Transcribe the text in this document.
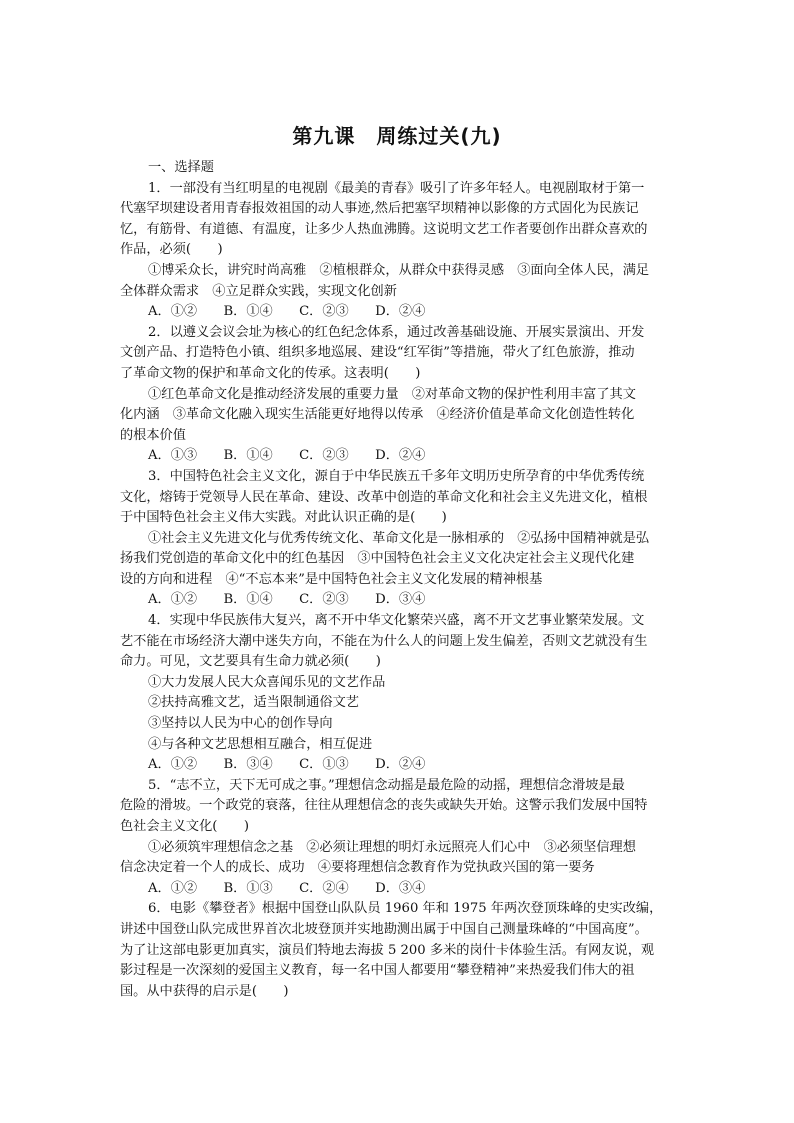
第九课　周练过关(九)
一、选择题
1．一部没有当红明星的电视剧《最美的青春》吸引了许多年轻人。电视剧取材于第一
代塞罕坝建设者用青春报效祖国的动人事迹,然后把塞罕坝精神以影像的方式固化为民族记
忆，有筋骨、有道德、有温度，让多少人热血沸腾。这说明文艺工作者要创作出群众喜欢的
作品，必须(　　)
①博采众长，讲究时尚高雅　②植根群众，从群众中获得灵感　③面向全体人民，满足
全体群众需求　④立足群众实践，实现文化创新
A．①②　　B．①④　　C．②③　　D．②④
2．以遵义会议会址为核心的红色纪念体系，通过改善基础设施、开展实景演出、开发
文创产品、打造特色小镇、组织多地巡展、建设“红军街”等措施，带火了红色旅游，推动
了革命文物的保护和革命文化的传承。这表明(　　)
①红色革命文化是推动经济发展的重要力量　②对革命文物的保护性利用丰富了其文
化内涵　③革命文化融入现实生活能更好地得以传承　④经济价值是革命文化创造性转化
的根本价值
A．①③　　B．①④　　C．②③　　D．②④
3．中国特色社会主义文化，源自于中华民族五千多年文明历史所孕育的中华优秀传统
文化，熔铸于党领导人民在革命、建设、改革中创造的革命文化和社会主义先进文化，植根
于中国特色社会主义伟大实践。对此认识正确的是(　　)
①社会主义先进文化与优秀传统文化、革命文化是一脉相承的　②弘扬中国精神就是弘
扬我们党创造的革命文化中的红色基因　③中国特色社会主义文化决定社会主义现代化建
设的方向和进程　④“不忘本来”是中国特色社会主义文化发展的精神根基
A．①②　　B．①④　　C．②③　　D．③④
4．实现中华民族伟大复兴，离不开中华文化繁荣兴盛，离不开文艺事业繁荣发展。文
艺不能在市场经济大潮中迷失方向，不能在为什么人的问题上发生偏差，否则文艺就没有生
命力。可见，文艺要具有生命力就必须(　　)
①大力发展人民大众喜闻乐见的文艺作品
②扶持高雅文艺，适当限制通俗文艺
③坚持以人民为中心的创作导向
④与各种文艺思想相互融合，相互促进
A．①②　　B．③④　　C．①③　　D．②④
5．“志不立，天下无可成之事。”理想信念动摇是最危险的动摇，理想信念滑坡是最
危险的滑坡。一个政党的衰落，往往从理想信念的丧失或缺失开始。这警示我们发展中国特
色社会主义文化(　　)
①必须筑牢理想信念之基　②必须让理想的明灯永远照亮人们心中　③必须坚信理想
信念决定着一个人的成长、成功　④要将理想信念教育作为党执政兴国的第一要务
A．①②　　B．①③　　C．②④　　D．③④
6．电影《攀登者》根据中国登山队队员 1960 年和 1975 年两次登顶珠峰的史实改编，
讲述中国登山队完成世界首次北坡登顶并实地勘测出属于中国自己测量珠峰的“中国高度”。
为了让这部电影更加真实，演员们特地去海拔 5 200 多米的岗什卡体验生活。有网友说，观
影过程是一次深刻的爱国主义教育，每一名中国人都要用“攀登精神”来热爱我们伟大的祖
国。从中获得的启示是(　　)
